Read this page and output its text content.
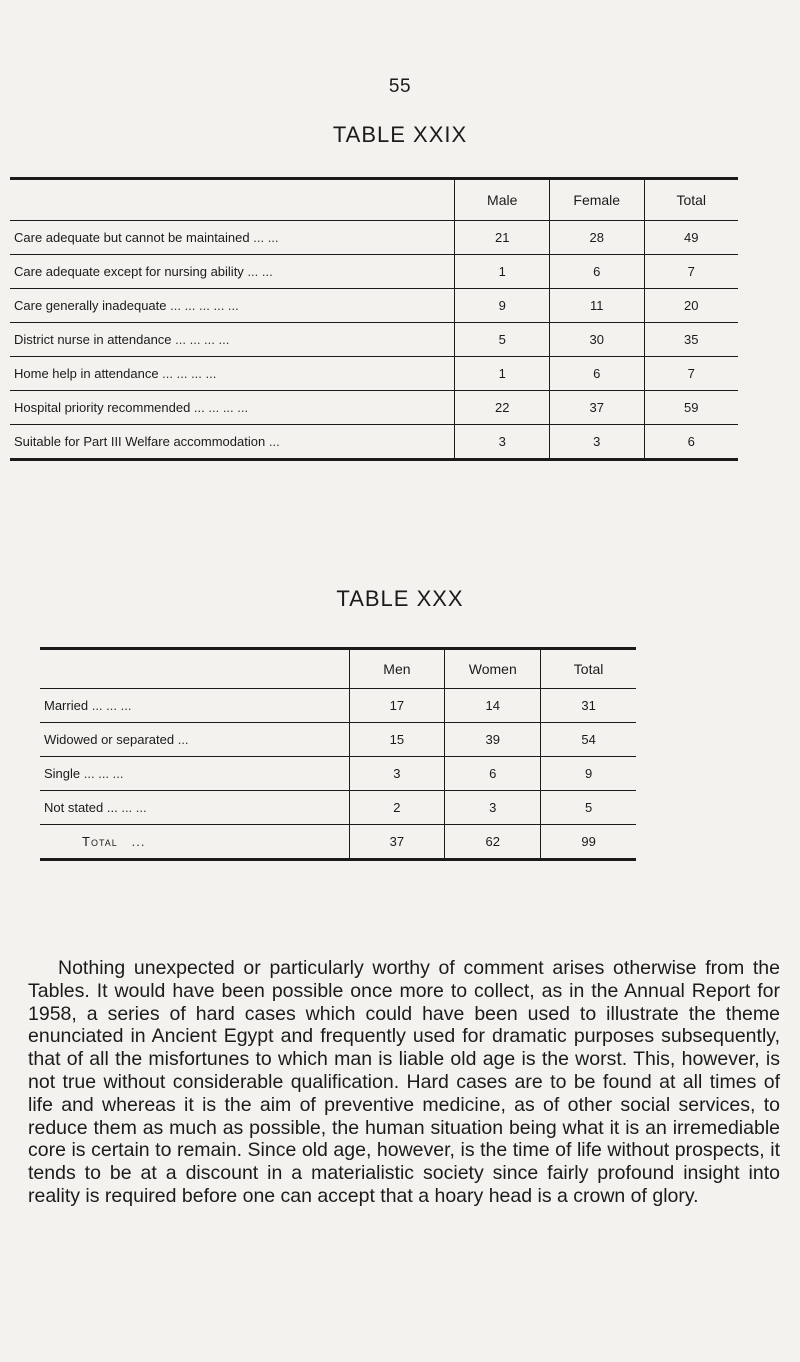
55
TABLE XXIX
	Male	Female	Total
Care adequate but cannot be maintained ... ...	21	28	49
Care adequate except for nursing ability ... ...	1	6	7
Care generally inadequate ... ... ... ... ...	9	11	20
District nurse in attendance ... ... ... ...	5	30	35
Home help in attendance ... ... ... ...	1	6	7
Hospital priority recommended ... ... ... ...	22	37	59
Suitable for Part III Welfare accommodation ...	3	3	6
TABLE XXX
	Men	Women	Total
Married ... ... ...	17	14	31
Widowed or separated ...	15	39	54
Single ... ... ...	3	6	9
Not stated ... ... ...	2	3	5
Total ...	37	62	99

Nothing unexpected or particularly worthy of comment arises otherwise from the Tables. It would have been possible once more to collect, as in the Annual Report for 1958, a series of hard cases which could have been used to illustrate the theme enunciated in Ancient Egypt and frequently used for dramatic purposes subsequently, that of all the misfortunes to which man is liable old age is the worst. This, however, is not true without considerable qualification. Hard cases are to be found at all times of life and whereas it is the aim of preventive medicine, as of other social services, to reduce them as much as possible, the human situation being what it is an irremediable core is certain to remain. Since old age, however, is the time of life without prospects, it tends to be at a discount in a materialistic society since fairly profound insight into reality is required before one can accept that a hoary head is a crown of glory.
